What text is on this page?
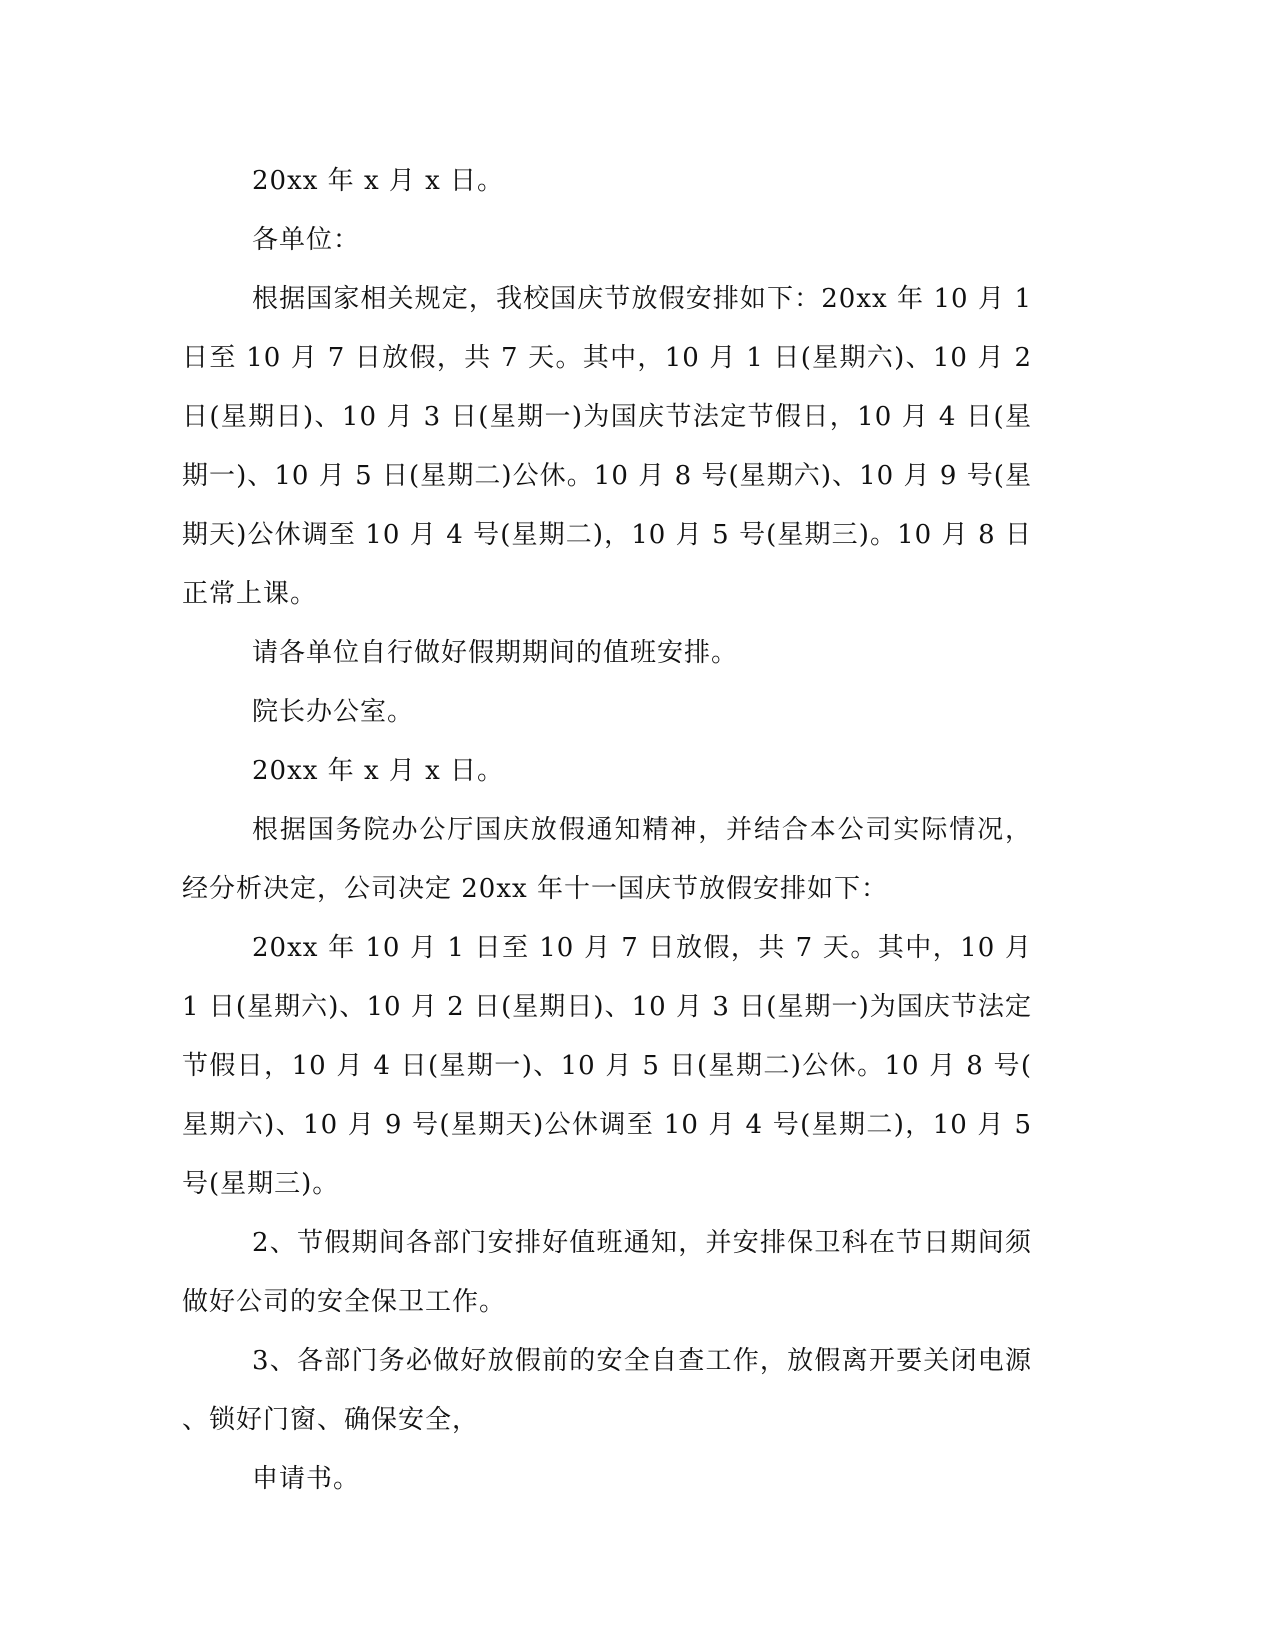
20xx 年 x 月 x 日。

各单位：

根据国家相关规定，我校国庆节放假安排如下：20xx 年 10 月 1 日至 10 月 7 日放假，共 7 天。其中，10 月 1 日(星期六)、10 月 2 日(星期日)、10 月 3 日(星期一)为国庆节法定节假日，10 月 4 日(星期一)、10 月 5 日(星期二)公休。10 月 8 号(星期六)、10 月 9 号(星期天)公休调至 10 月 4 号(星期二)，10 月 5 号(星期三)。10 月 8 日正常上课。

请各单位自行做好假期期间的值班安排。

院长办公室。

20xx 年 x 月 x 日。

根据国务院办公厅国庆放假通知精神，并结合本公司实际情况，经分析决定，公司决定 20xx 年十一国庆节放假安排如下：

20xx 年 10 月 1 日至 10 月 7 日放假，共 7 天。其中，10 月 1 日(星期六)、10 月 2 日(星期日)、10 月 3 日(星期一)为国庆节法定节假日，10 月 4 日(星期一)、10 月 5 日(星期二)公休。10 月 8 号(星期六)、10 月 9 号(星期天)公休调至 10 月 4 号(星期二)，10 月 5 号(星期三)。

2、节假期间各部门安排好值班通知，并安排保卫科在节日期间须做好公司的安全保卫工作。

3、各部门务必做好放假前的安全自查工作，放假离开要关闭电源、锁好门窗、确保安全，

申请书。
